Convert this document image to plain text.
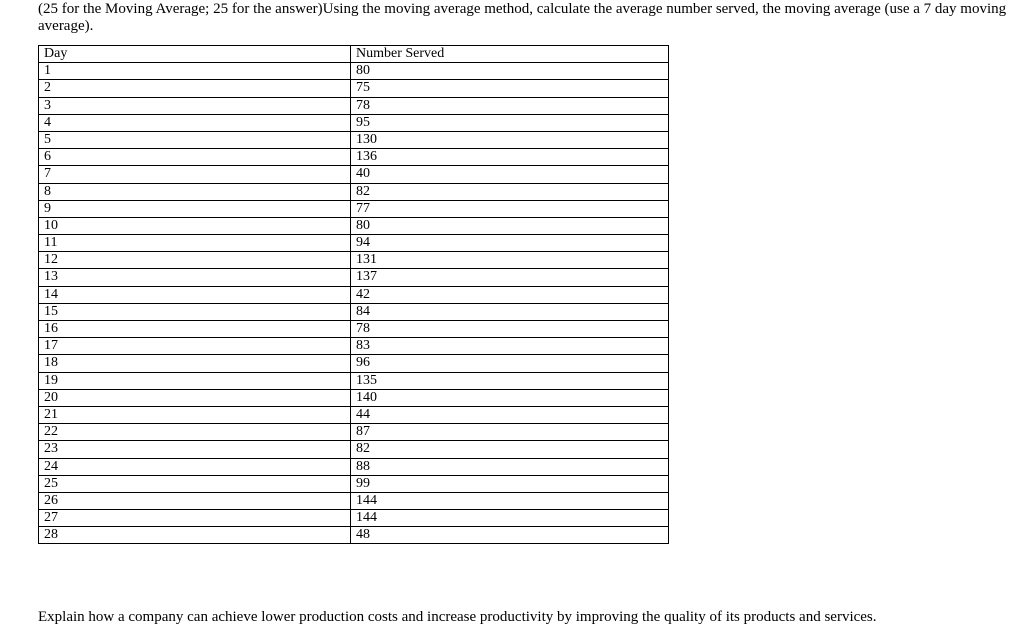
(25 for the Moving Average; 25 for the answer)Using the moving average method, calculate the average number served, the moving average (use a 7 day moving average).

Day	Number Served
1	80
2	75
3	78
4	95
5	130
6	136
7	40
8	82
9	77
10	80
11	94
12	131
13	137
14	42
15	84
16	78
17	83
18	96
19	135
20	140
21	44
22	87
23	82
24	88
25	99
26	144
27	144
28	48

Explain how a company can achieve lower production costs and increase productivity by improving the quality of its products and services.
